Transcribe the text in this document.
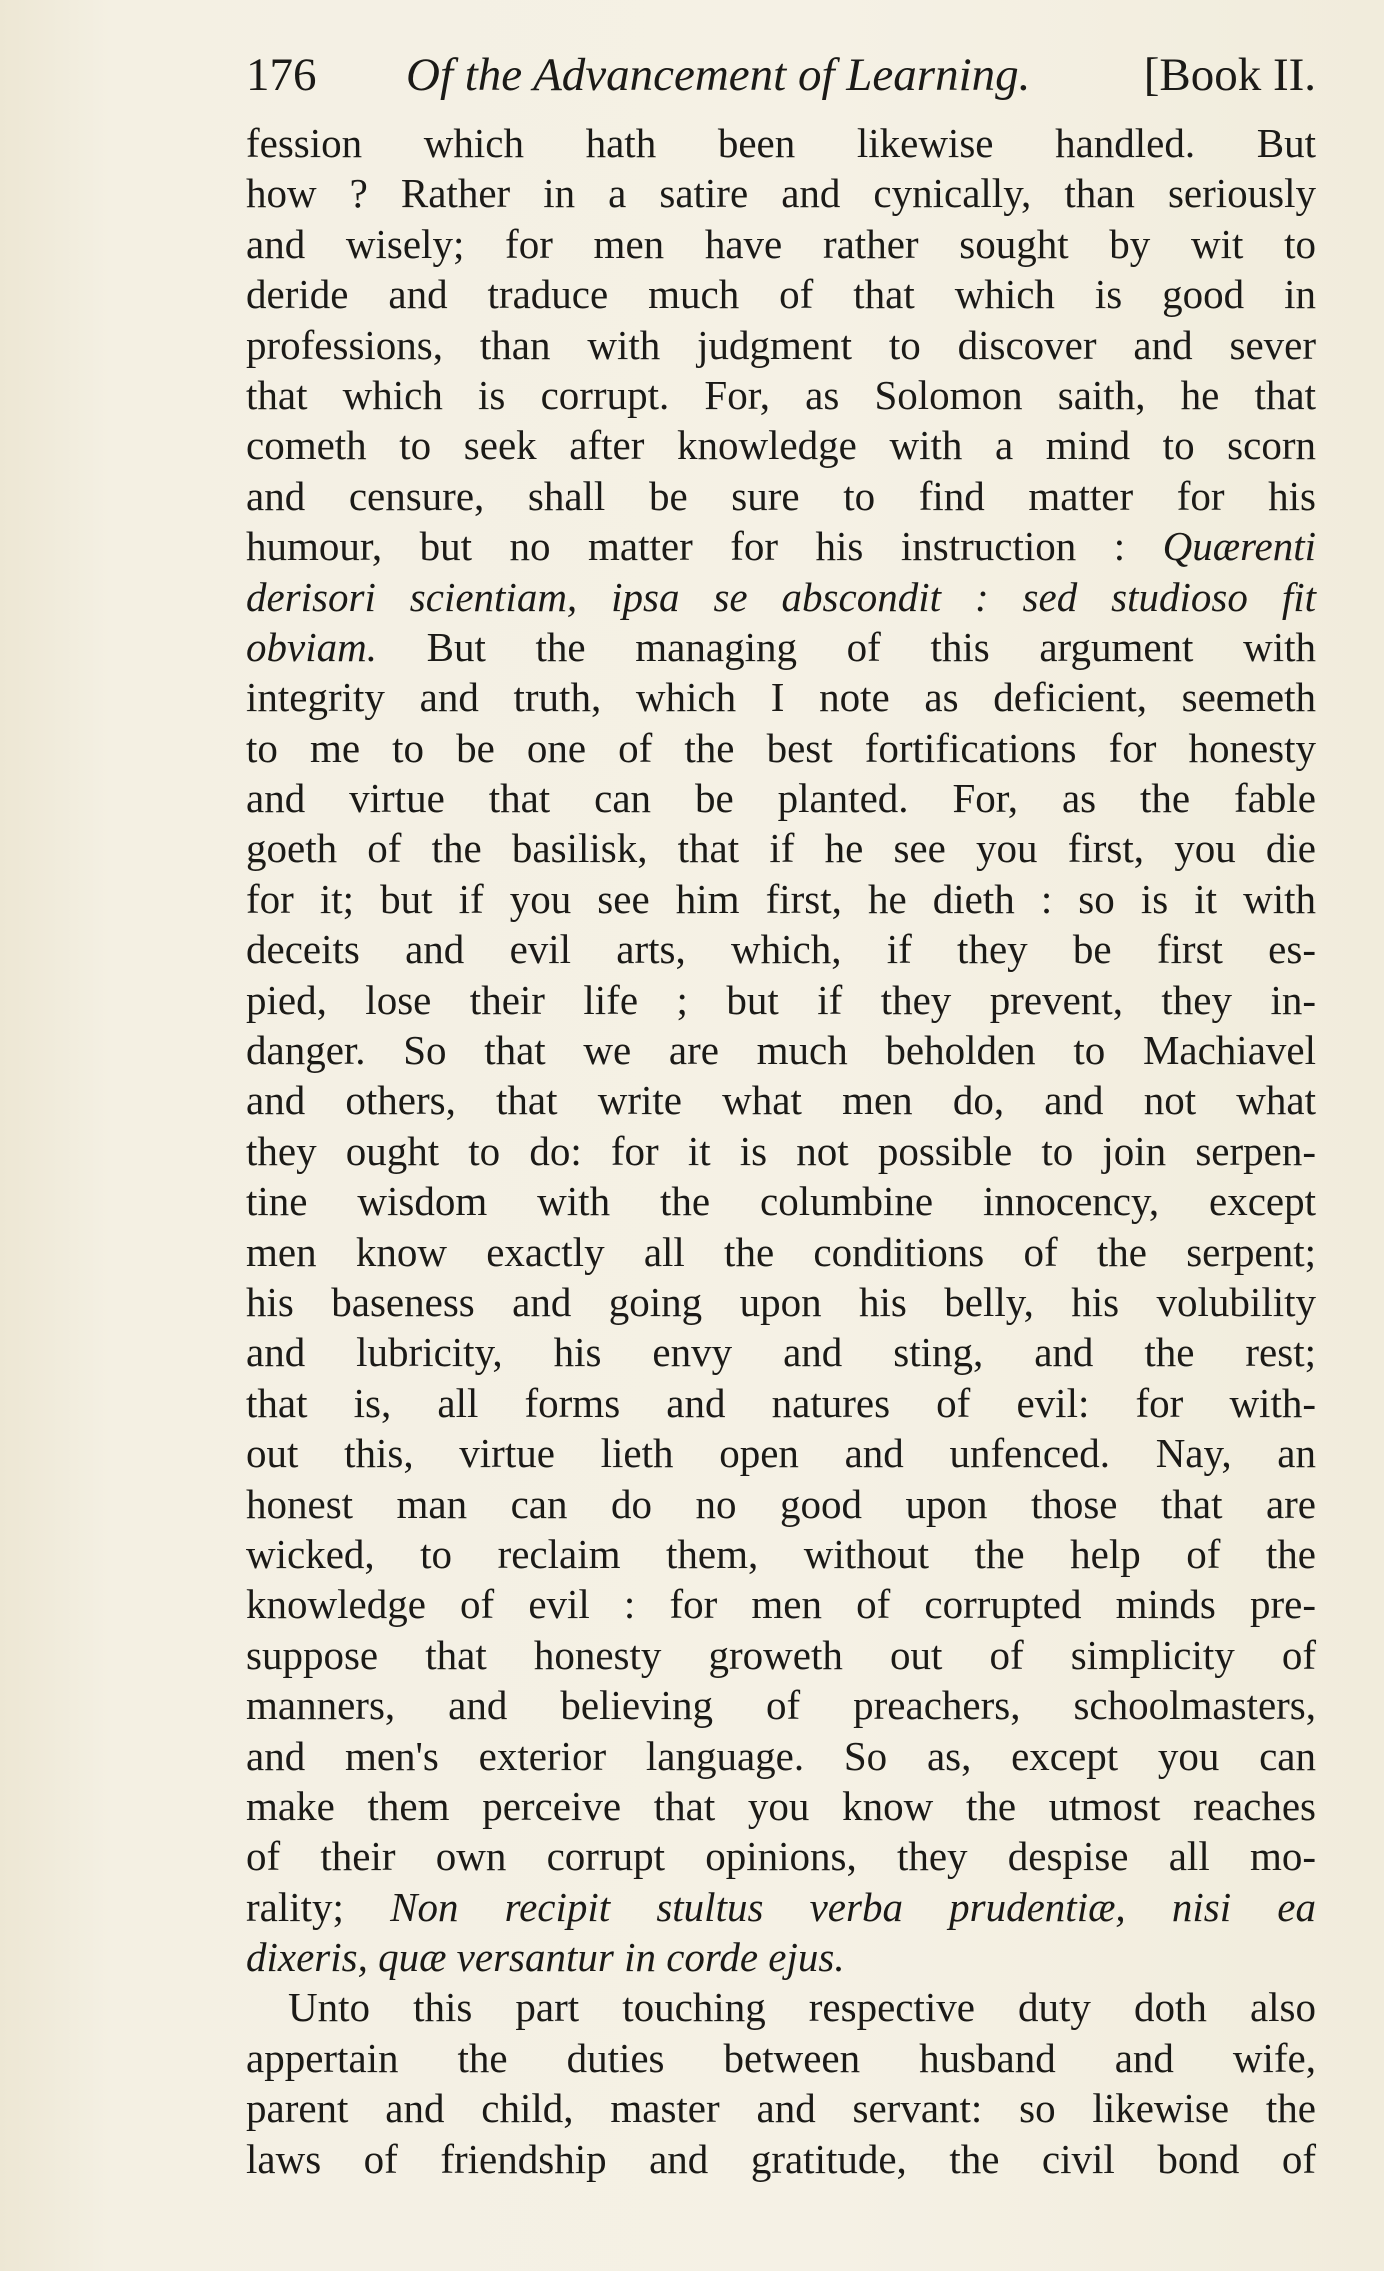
176 Of the Advancement of Learning. [Book II.
fession which hath been likewise handled. But
how ? Rather in a satire and cynically, than seriously
and wisely; for men have rather sought by wit to
deride and traduce much of that which is good in
professions, than with judgment to discover and sever
that which is corrupt. For, as Solomon saith, he that
cometh to seek after knowledge with a mind to scorn
and censure, shall be sure to find matter for his
humour, but no matter for his instruction : Quærenti
derisori scientiam, ipsa se abscondit : sed studioso fit
obviam. But the managing of this argument with
integrity and truth, which I note as deficient, seemeth
to me to be one of the best fortifications for honesty
and virtue that can be planted. For, as the fable
goeth of the basilisk, that if he see you first, you die
for it; but if you see him first, he dieth : so is it with
deceits and evil arts, which, if they be first es-
pied, lose their life ; but if they prevent, they in-
danger. So that we are much beholden to Machiavel
and others, that write what men do, and not what
they ought to do: for it is not possible to join serpen-
tine wisdom with the columbine innocency, except
men know exactly all the conditions of the serpent;
his baseness and going upon his belly, his volubility
and lubricity, his envy and sting, and the rest;
that is, all forms and natures of evil: for with-
out this, virtue lieth open and unfenced. Nay, an
honest man can do no good upon those that are
wicked, to reclaim them, without the help of the
knowledge of evil : for men of corrupted minds pre-
suppose that honesty groweth out of simplicity of
manners, and believing of preachers, schoolmasters,
and men's exterior language. So as, except you can
make them perceive that you know the utmost reaches
of their own corrupt opinions, they despise all mo-
rality; Non recipit stultus verba prudentiæ, nisi ea
dixeris, quæ versantur in corde ejus.
Unto this part touching respective duty doth also
appertain the duties between husband and wife,
parent and child, master and servant: so likewise the
laws of friendship and gratitude, the civil bond of
